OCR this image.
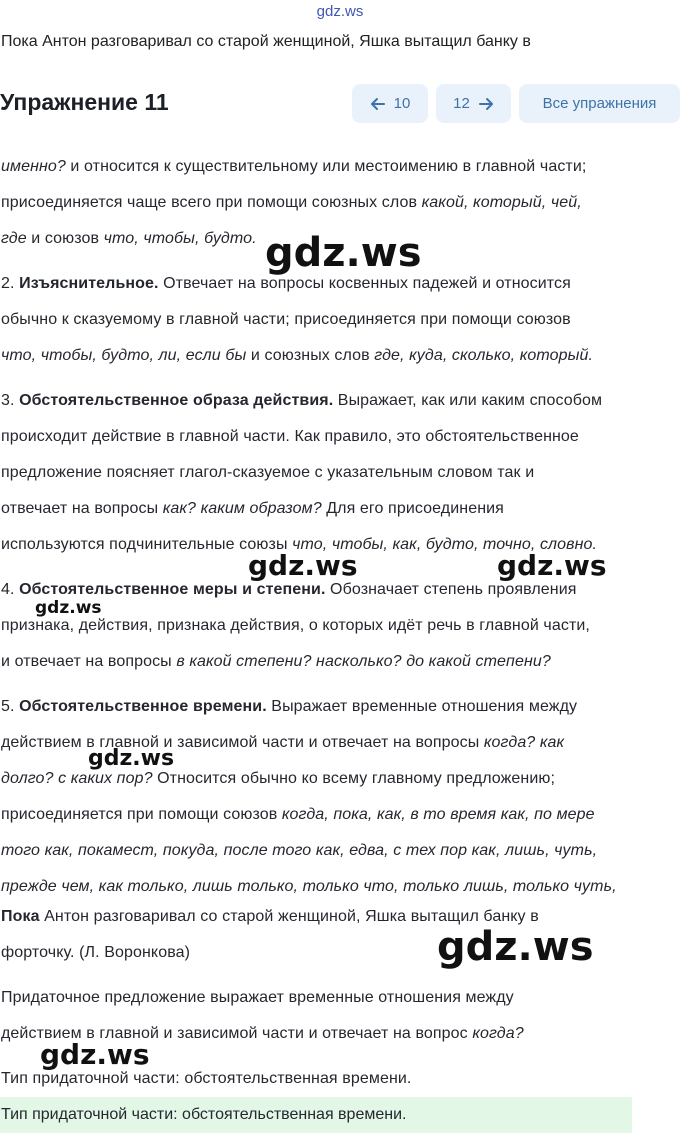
gdz.ws
Пока Антон разговаривал со старой женщиной, Яшка вытащил банку в
Упражнение 11	10	12	Все упражнения
именно? и относится к существительному или местоимению в главной части;
присоединяется чаще всего при помощи союзных слов какой, который, чей,
где и союзов что, чтобы, будто.
2. Изъяснительное. Отвечает на вопросы косвенных падежей и относится
обычно к сказуемому в главной части; присоединяется при помощи союзов
что, чтобы, будто, ли, если бы и союзных слов где, куда, сколько, который.
3. Обстоятельственное образа действия. Выражает, как или каким способом
происходит действие в главной части. Как правило, это обстоятельственное
предложение поясняет глагол-сказуемое с указательным словом так и
отвечает на вопросы как? каким образом? Для его присоединения
используются подчинительные союзы что, чтобы, как, будто, точно, словно.
4. Обстоятельственное меры и степени. Обозначает степень проявления
признака, действия, признака действия, о которых идёт речь в главной части,
и отвечает на вопросы в какой степени? насколько? до какой степени?
5. Обстоятельственное времени. Выражает временные отношения между
действием в главной и зависимой части и отвечает на вопросы когда? как
долго? с каких пор? Относится обычно ко всему главному предложению;
присоединяется при помощи союзов когда, пока, как, в то время как, по мере
того как, покамест, покуда, после того как, едва, с тех пор как, лишь, чуть,
прежде чем, как только, лишь только, только что, только лишь, только чуть,
Пока Антон разговаривал со старой женщиной, Яшка вытащил банку в
форточку. (Л. Воронкова)
Придаточное предложение выражает временные отношения между
действием в главной и зависимой части и отвечает на вопрос когда?
Тип придаточной части: обстоятельственная времени.
Тип придаточной части: обстоятельственная времени.
gdz.ws
gdz.ws	gdz.ws
gdz.ws
gdz.ws
gdz.ws
gdz.ws
